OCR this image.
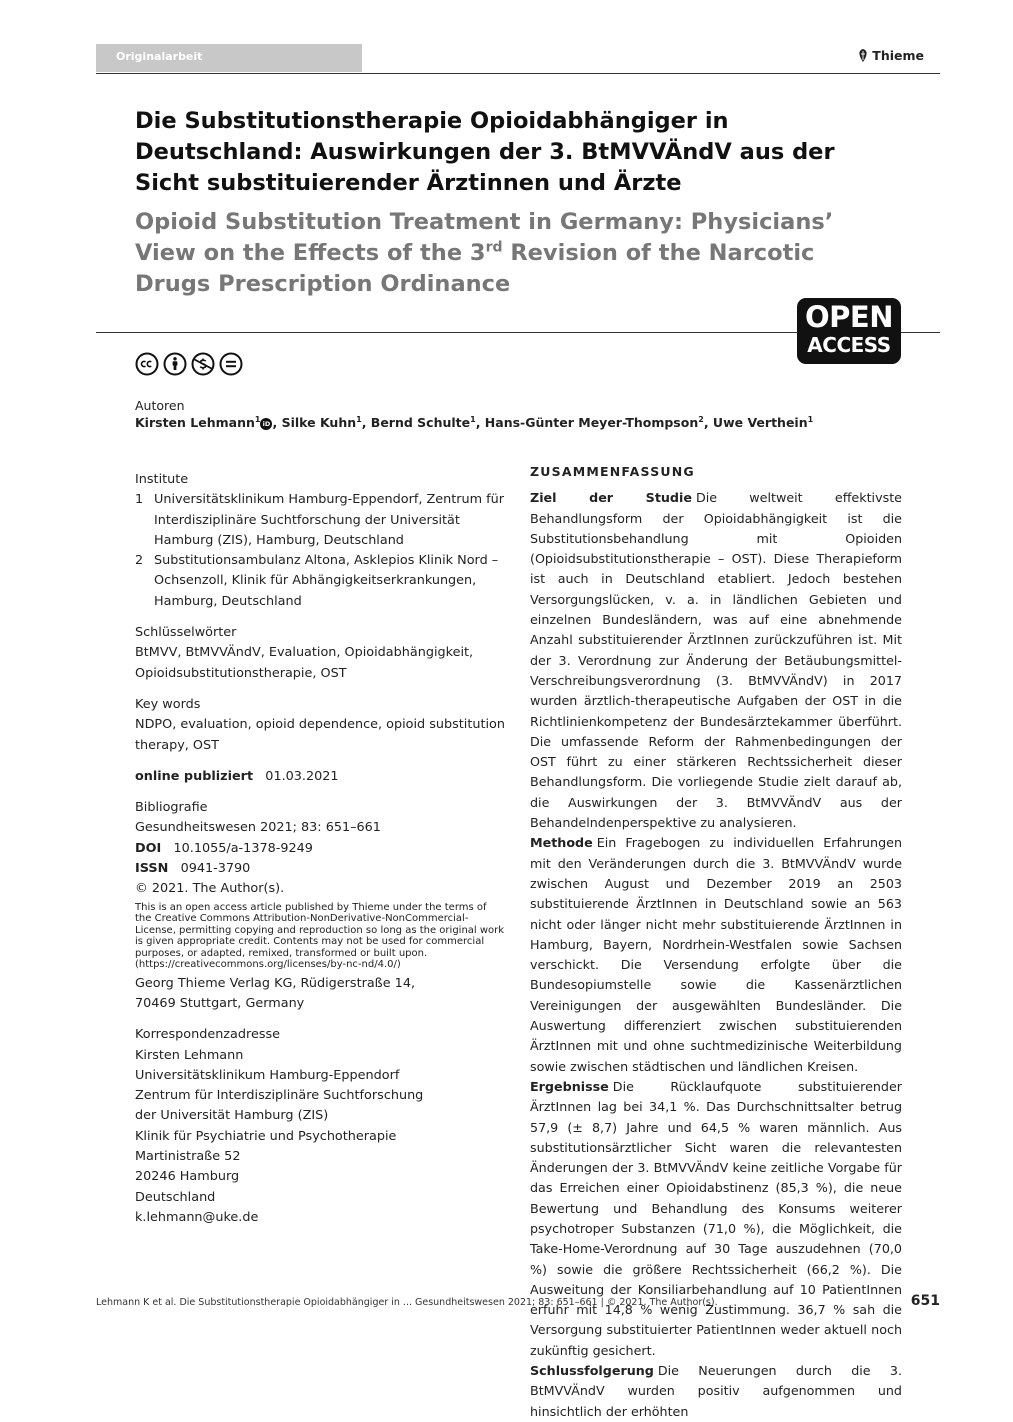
Originalarbeit	Thieme
Die Substitutionstherapie Opioidabhängiger in Deutschland: Auswirkungen der 3. BtMVVÄndV aus der Sicht substituierender Ärztinnen und Ärzte
Opioid Substitution Treatment in Germany: Physicians’ View on the Effects of the 3rd Revision of the Narcotic Drugs Prescription Ordinance
OPEN
ACCESS
Autoren
Kirsten Lehmann$^1$iD , Silke Kuhn$^1$, Bernd Schulte$^1$, Hans-Günter Meyer-Thompson$^2$, Uwe Verthein$^1$
Institute
1 Universitätsklinikum Hamburg-Eppendorf, Zentrum für Interdisziplinäre Suchtforschung der Universität Hamburg (ZIS), Hamburg, Deutschland
2 Substitutionsambulanz Altona, Asklepios Klinik Nord – Ochsenzoll, Klinik für Abhängigkeitserkrankungen, Hamburg, Deutschland
Schlüsselwörter
BtMVV, BtMVVÄndV, Evaluation, Opioidabhängigkeit, Opioidsubstitutionstherapie, OST
Key words
NDPO, evaluation, opioid dependence, opioid substitution therapy, OST
online publiziert 01.03.2021
Bibliografie
Gesundheitswesen 2021; 83: 651–661
DOI 10.1055/a-1378-9249
ISSN 0941-3790
© 2021. The Author(s).
This is an open access article published by Thieme under the terms of the Creative Commons Attribution-NonDerivative-NonCommercial-License, permitting copying and reproduction so long as the original work is given appropriate credit. Contents may not be used for commercial purposes, or adapted, remixed, transformed or built upon. (https://creativecommons.org/licenses/by-nc-nd/4.0/)
Georg Thieme Verlag KG, Rüdigerstraße 14,
70469 Stuttgart, Germany
Korrespondenzadresse
Kirsten Lehmann
Universitätsklinikum Hamburg-Eppendorf
Zentrum für Interdisziplinäre Suchtforschung
der Universität Hamburg (ZIS)
Klinik für Psychiatrie und Psychotherapie
Martinistraße 52
20246 Hamburg
Deutschland
k.lehmann@uke.de
ZUSAMMENFASSUNG

Ziel der Studie Die weltweit effektivste Behandlungsform der Opioidabhängigkeit ist die Substitutionsbehandlung mit Opioiden (Opioidsubstitutionstherapie – OST). Diese Therapieform ist auch in Deutschland etabliert. Jedoch bestehen Versorgungslücken, v. a. in ländlichen Gebieten und einzelnen Bundesländern, was auf eine abnehmende Anzahl substituierender ÄrztInnen zurückzuführen ist. Mit der 3. Verordnung zur Änderung der Betäubungsmittel-Verschreibungsverordnung (3. BtMVVÄndV) in 2017 wurden ärztlich-therapeutische Aufgaben der OST in die Richtlinienkompetenz der Bundesärztekammer überführt. Die umfassende Reform der Rahmenbedingungen der OST führt zu einer stärkeren Rechtssicherheit dieser Behandlungsform. Die vorliegende Studie zielt darauf ab, die Auswirkungen der 3. BtMVVÄndV aus der Behandelndenperspektive zu analysieren.

Methode Ein Fragebogen zu individuellen Erfahrungen mit den Veränderungen durch die 3. BtMVVÄndV wurde zwischen August und Dezember 2019 an 2503 substituierende ÄrztInnen in Deutschland sowie an 563 nicht oder länger nicht mehr substituierende ÄrztInnen in Hamburg, Bayern, Nordrhein-Westfalen sowie Sachsen verschickt. Die Versendung erfolgte über die Bundesopiumstelle sowie die Kassenärztlichen Vereinigungen der ausgewählten Bundesländer. Die Auswertung differenziert zwischen substituierenden ÄrztInnen mit und ohne suchtmedizinische Weiterbildung sowie zwischen städtischen und ländlichen Kreisen.

Ergebnisse Die Rücklaufquote substituierender ÄrztInnen lag bei 34,1 %. Das Durchschnittsalter betrug 57,9 (± 8,7) Jahre und 64,5 % waren männlich. Aus substitutionsärztlicher Sicht waren die relevantesten Änderungen der 3. BtMVVÄndV keine zeitliche Vorgabe für das Erreichen einer Opioidabstinenz (85,3 %), die neue Bewertung und Behandlung des Konsums weiterer psychotroper Substanzen (71,0 %), die Möglichkeit, die Take-Home-Verordnung auf 30 Tage auszudehnen (70,0 %) sowie die größere Rechtssicherheit (66,2 %). Die Ausweitung der Konsiliarbehandlung auf 10 PatientInnen erfuhr mit 14,8 % wenig Zustimmung. 36,7 % sah die Versorgung substituierter PatientInnen weder aktuell noch zukünftig gesichert.

Schlussfolgerung Die Neuerungen durch die 3. BtMVVÄndV wurden positiv aufgenommen und hinsichtlich der erhöhten

Lehmann K et al. Die Substitutionstherapie Opioidabhängiger in ... Gesundheitswesen 2021; 83: 651–661 | © 2021. The Author(s).	651
